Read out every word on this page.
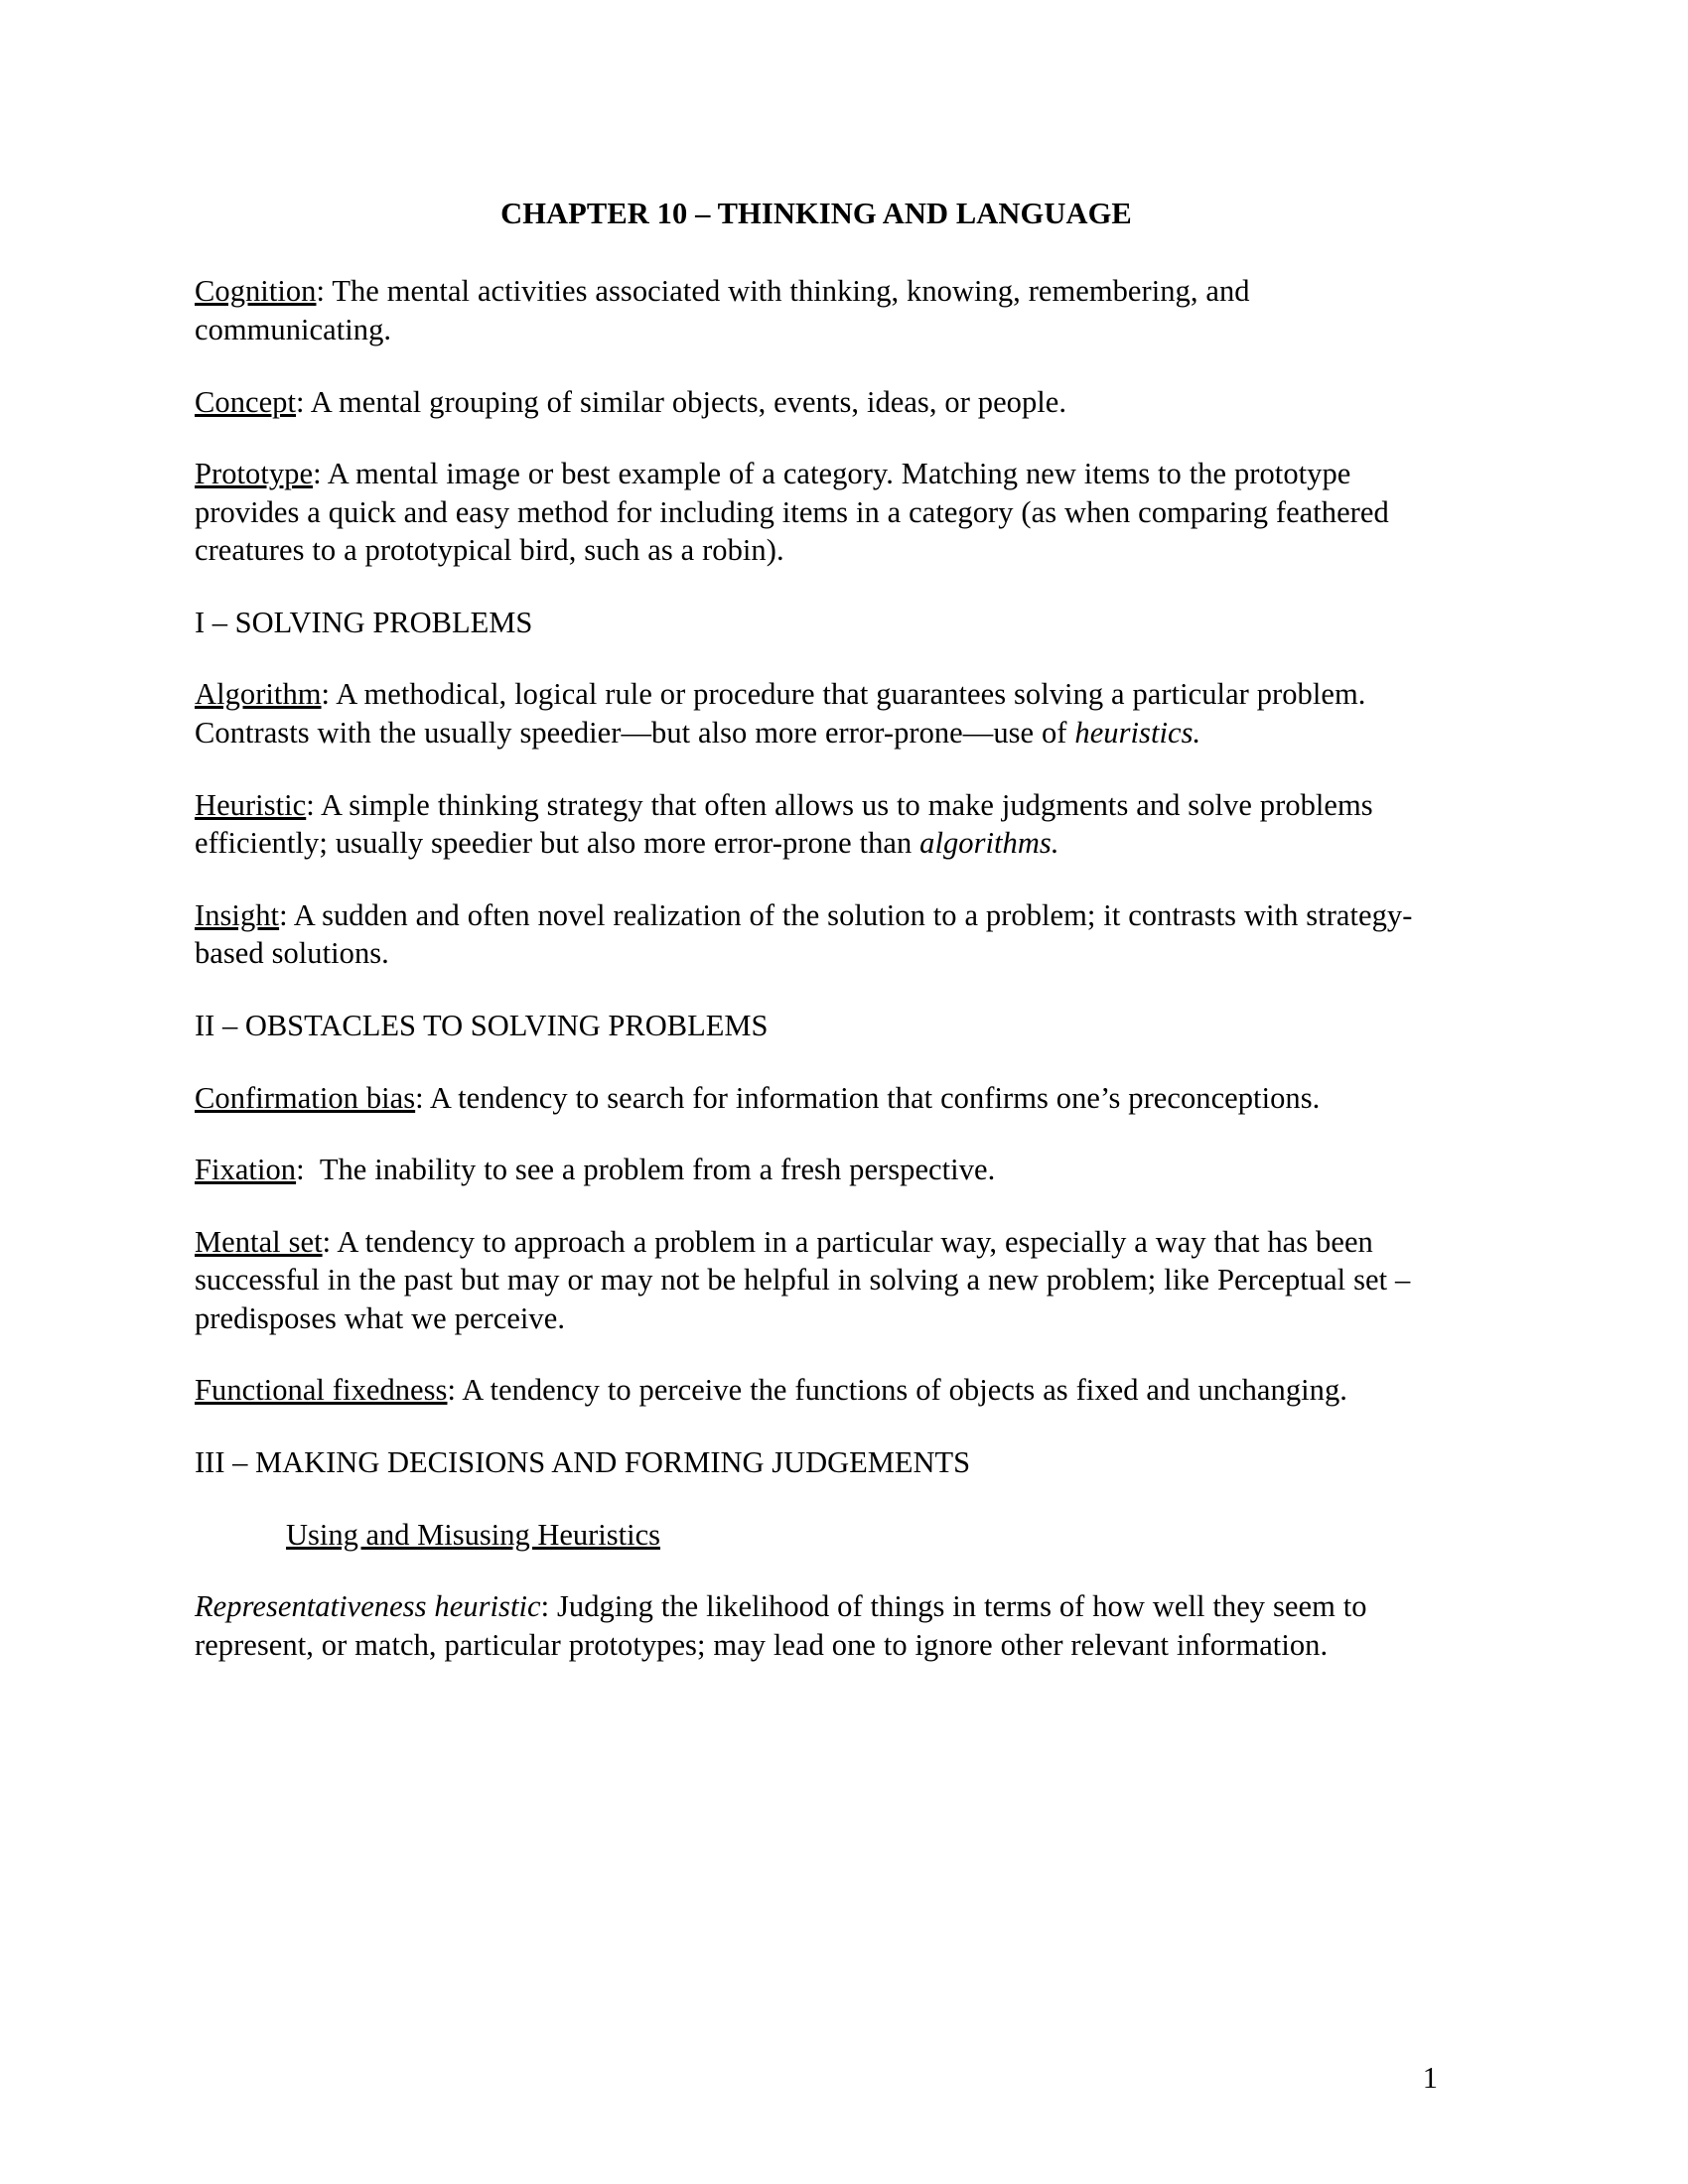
CHAPTER 10 – THINKING AND LANGUAGE

Cognition: The mental activities associated with thinking, knowing, remembering, and communicating.

Concept: A mental grouping of similar objects, events, ideas, or people.

Prototype: A mental image or best example of a category. Matching new items to the prototype provides a quick and easy method for including items in a category (as when comparing feathered creatures to a prototypical bird, such as a robin).

I – SOLVING PROBLEMS

Algorithm: A methodical, logical rule or procedure that guarantees solving a particular problem. Contrasts with the usually speedier—but also more error-prone—use of heuristics.

Heuristic: A simple thinking strategy that often allows us to make judgments and solve problems efficiently; usually speedier but also more error-prone than algorithms.

Insight: A sudden and often novel realization of the solution to a problem; it contrasts with strategy-based solutions.

II – OBSTACLES TO SOLVING PROBLEMS

Confirmation bias: A tendency to search for information that confirms one’s preconceptions.

Fixation:  The inability to see a problem from a fresh perspective.

Mental set: A tendency to approach a problem in a particular way, especially a way that has been successful in the past but may or may not be helpful in solving a new problem; like Perceptual set – predisposes what we perceive.

Functional fixedness: A tendency to perceive the functions of objects as fixed and unchanging.

III – MAKING DECISIONS AND FORMING JUDGEMENTS
Using and Misusing Heuristics

Representativeness heuristic: Judging the likelihood of things in terms of how well they seem to represent, or match, particular prototypes; may lead one to ignore other relevant information.

1
